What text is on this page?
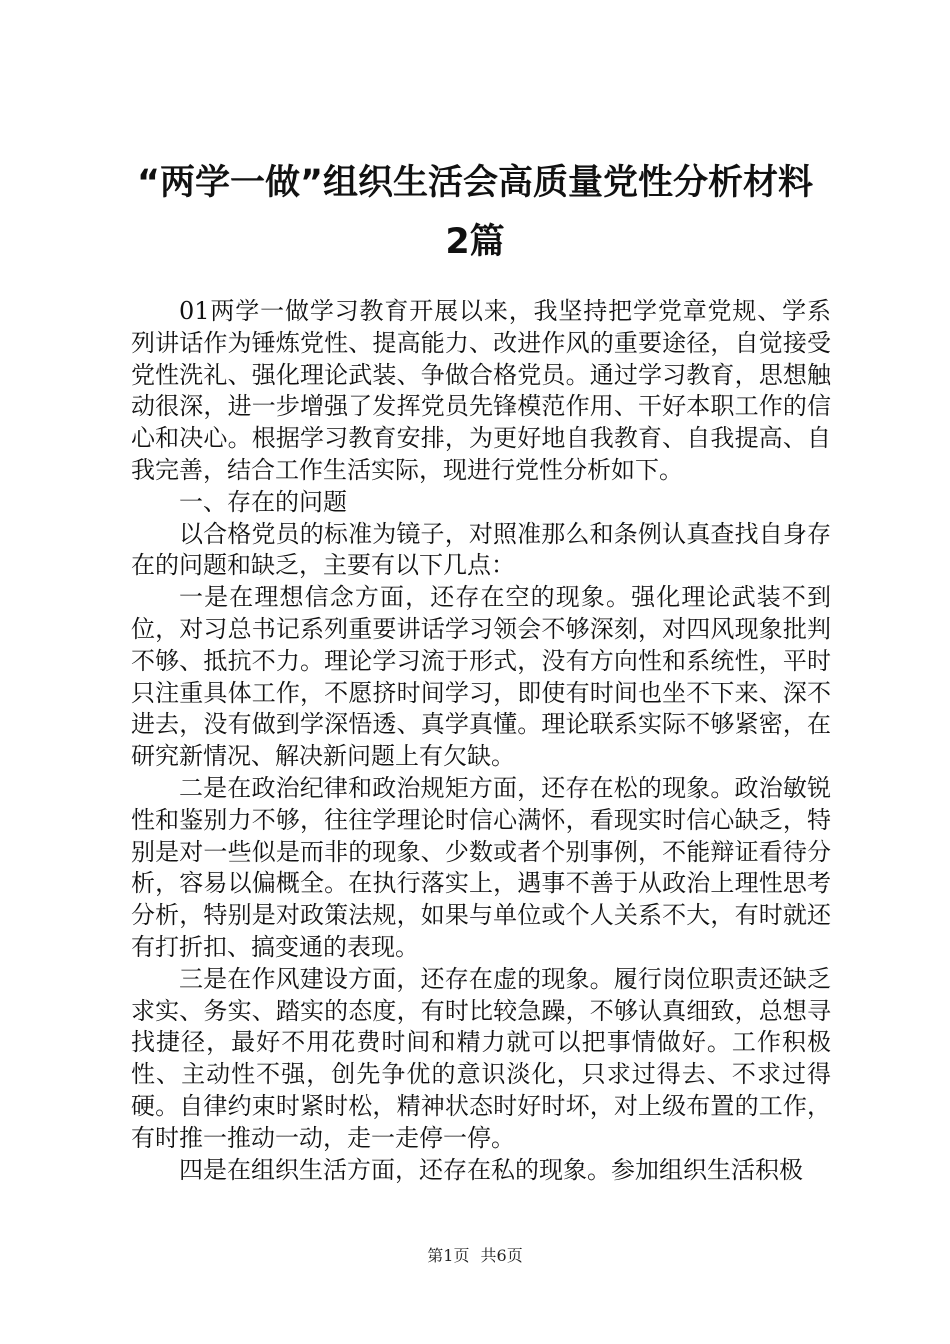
“两学一做”组织生活会高质量党性分析材料
2篇

01两学一做学习教育开展以来，我坚持把学党章党规、学系列讲话作为锤炼党性、提高能力、改进作风的重要途径，自觉接受党性洗礼、强化理论武装、争做合格党员。通过学习教育，思想触动很深，进一步增强了发挥党员先锋模范作用、干好本职工作的信心和决心。根据学习教育安排，为更好地自我教育、自我提高、自我完善，结合工作生活实际，现进行党性分析如下。

一、存在的问题

以合格党员的标准为镜子，对照准那么和条例认真查找自身存在的问题和缺乏，主要有以下几点：

一是在理想信念方面，还存在空的现象。强化理论武装不到位，对习总书记系列重要讲话学习领会不够深刻，对四风现象批判不够、抵抗不力。理论学习流于形式，没有方向性和系统性，平时只注重具体工作，不愿挤时间学习，即使有时间也坐不下来、深不进去，没有做到学深悟透、真学真懂。理论联系实际不够紧密，在研究新情况、解决新问题上有欠缺。

二是在政治纪律和政治规矩方面，还存在松的现象。政治敏锐性和鉴别力不够，往往学理论时信心满怀，看现实时信心缺乏，特别是对一些似是而非的现象、少数或者个别事例，不能辩证看待分析，容易以偏概全。在执行落实上，遇事不善于从政治上理性思考分析，特别是对政策法规，如果与单位或个人关系不大，有时就还有打折扣、搞变通的表现。

三是在作风建设方面，还存在虚的现象。履行岗位职责还缺乏求实、务实、踏实的态度，有时比较急躁，不够认真细致，总想寻找捷径，最好不用花费时间和精力就可以把事情做好。工作积极性、主动性不强，创先争优的意识淡化，只求过得去、不求过得硬。自律约束时紧时松，精神状态时好时坏，对上级布置的工作，有时推一推动一动，走一走停一停。

四是在组织生活方面，还存在私的现象。参加组织生活积极

第1页 共6页
